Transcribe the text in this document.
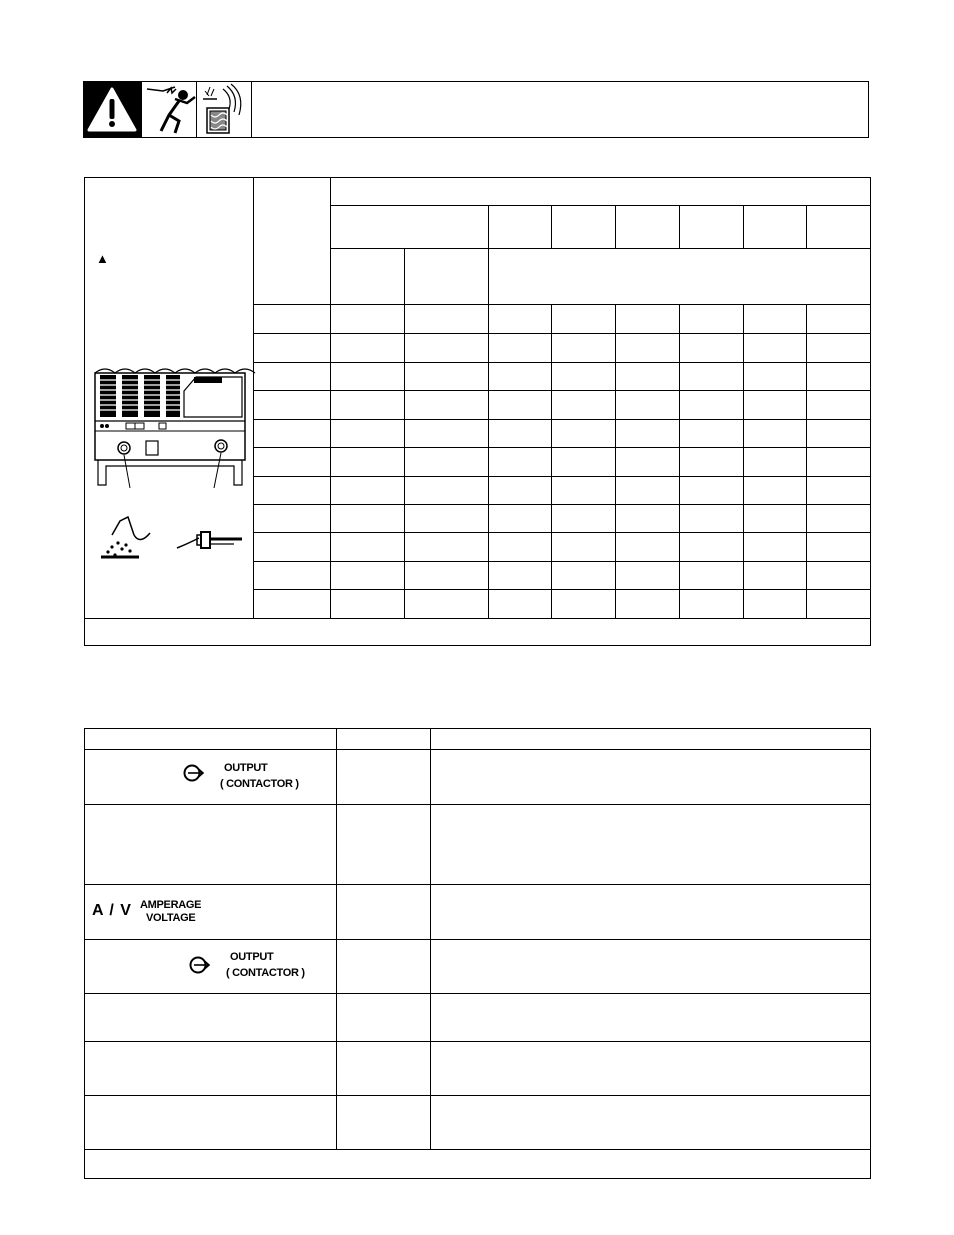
▲
OUTPUT
( CONTACTOR )
A / V AMPERAGE
VOLTAGE
OUTPUT
( CONTACTOR )
